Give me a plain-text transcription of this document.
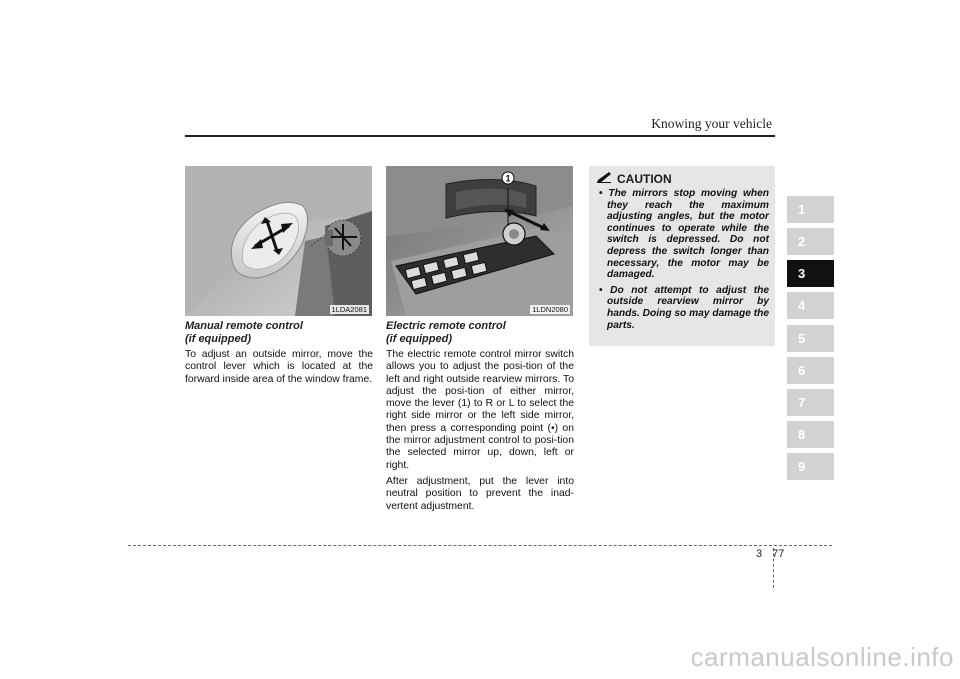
Knowing your vehicle
1LDA2081
Manual remote control
(if equipped)

To adjust an outside mirror, move the control lever which is located at the forward inside area of the window frame.

1
1LDN2080
Electric remote control
(if equipped)

The electric remote control mirror switch allows you to adjust the posi-tion of the left and right outside rearview mirrors. To adjust the posi-tion of either mirror, move the lever (1) to R or L to select the right side mirror or the left side mirror, then press a corresponding point (•) on the mirror adjustment control to posi-tion the selected mirror up, down, left or right.

After adjustment, put the lever into neutral position to prevent the inad-vertent adjustment.

CAUTION
• The mirrors stop moving when they reach the maximum adjusting angles, but the motor continues to operate while the switch is depressed. Do not depress the switch longer than necessary, the motor may be damaged.
• Do not attempt to adjust the outside rearview mirror by hands. Doing so may damage the parts.
1
2
3
4
5
6
7
8
9
3 77
carmanualsonline.info
